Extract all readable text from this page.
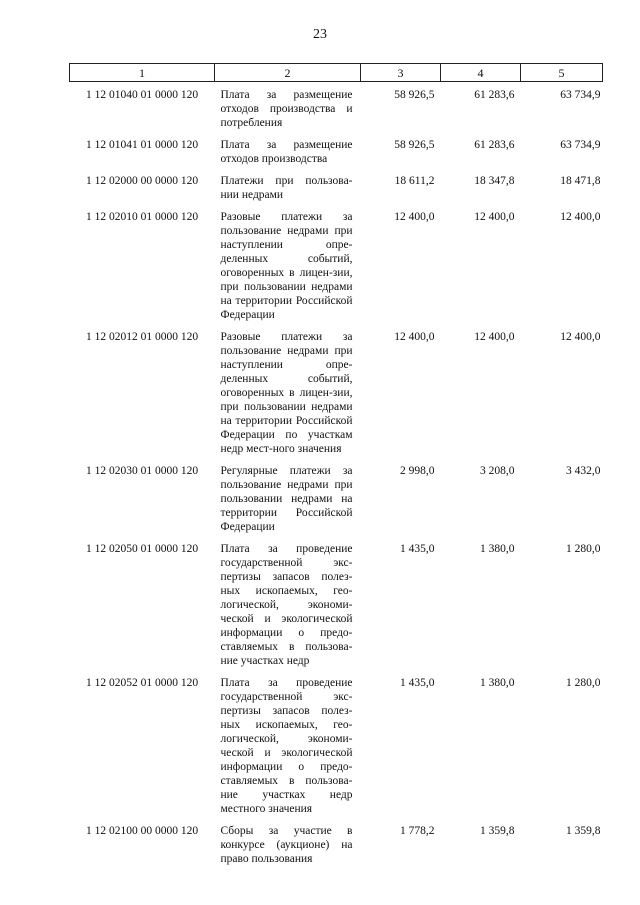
23
1	2	3	4	5
1 12 01040 01 0000 120	Плата за размещение отходов производства и потребления	58 926,5	61 283,6	63 734,9
1 12 01041 01 0000 120	Плата за размещение отходов производства	58 926,5	61 283,6	63 734,9
1 12 02000 00 0000 120	Платежи при пользова-нии недрами	18 611,2	18 347,8	18 471,8
1 12 02010 01 0000 120	Разовые платежи за пользование недрами при наступлении опре-деленных событий, оговоренных в лицен-зии, при пользовании недрами на территории Российской Федерации	12 400,0	12 400,0	12 400,0
1 12 02012 01 0000 120	Разовые платежи за пользование недрами при наступлении опре-деленных событий, оговоренных в лицен-зии, при пользовании недрами на территории Российской Федерации по участкам недр мест-ного значения	12 400,0	12 400,0	12 400,0
1 12 02030 01 0000 120	Регулярные платежи за пользование недрами при пользовании недрами на территории Российской Федерации	2 998,0	3 208,0	3 432,0
1 12 02050 01 0000 120	Плата за проведение государственной экс-пертизы запасов полез-ных ископаемых, гео-логической, экономи-ческой и экологической информации о предо-ставляемых в пользова-ние участках недр	1 435,0	1 380,0	1 280,0
1 12 02052 01 0000 120	Плата за проведение государственной экс-пертизы запасов полез-ных ископаемых, гео-логической, экономи-ческой и экологической информации о предо-ставляемых в пользова-ние участках недр местного значения	1 435,0	1 380,0	1 280,0
1 12 02100 00 0000 120	Сборы за участие в конкурсе (аукционе) на право пользования	1 778,2	1 359,8	1 359,8
